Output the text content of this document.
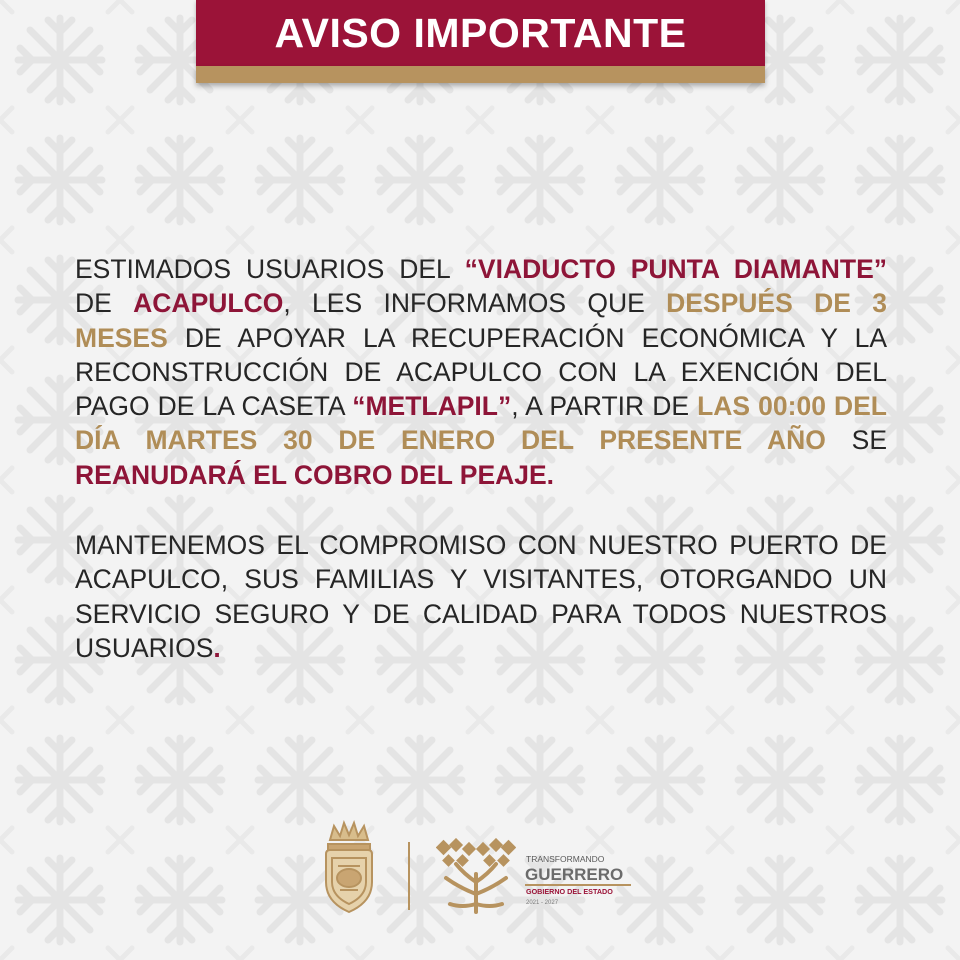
AVISO IMPORTANTE

ESTIMADOS USUARIOS DEL “VIADUCTO PUNTA DIAMANTE” DE ACAPULCO, LES INFORMAMOS QUE DESPUÉS DE 3 MESES DE APOYAR LA RECUPERACIÓN ECONÓMICA Y LA RECONSTRUCCIÓN DE ACAPULCO CON LA EXENCIÓN DEL PAGO DE LA CASETA “METLAPIL”, A PARTIR DE LAS 00:00 DEL DÍA MARTES 30 DE ENERO DEL PRESENTE AÑO SE REANUDARÁ EL COBRO DEL PEAJE.

MANTENEMOS EL COMPROMISO CON NUESTRO PUERTO DE ACAPULCO, SUS FAMILIAS Y VISITANTES, OTORGANDO UN SERVICIO SEGURO Y DE CALIDAD PARA TODOS NUESTROS USUARIOS.

TRANSFORMANDO
GUERRERO
GOBIERNO DEL ESTADO
2021 - 2027
